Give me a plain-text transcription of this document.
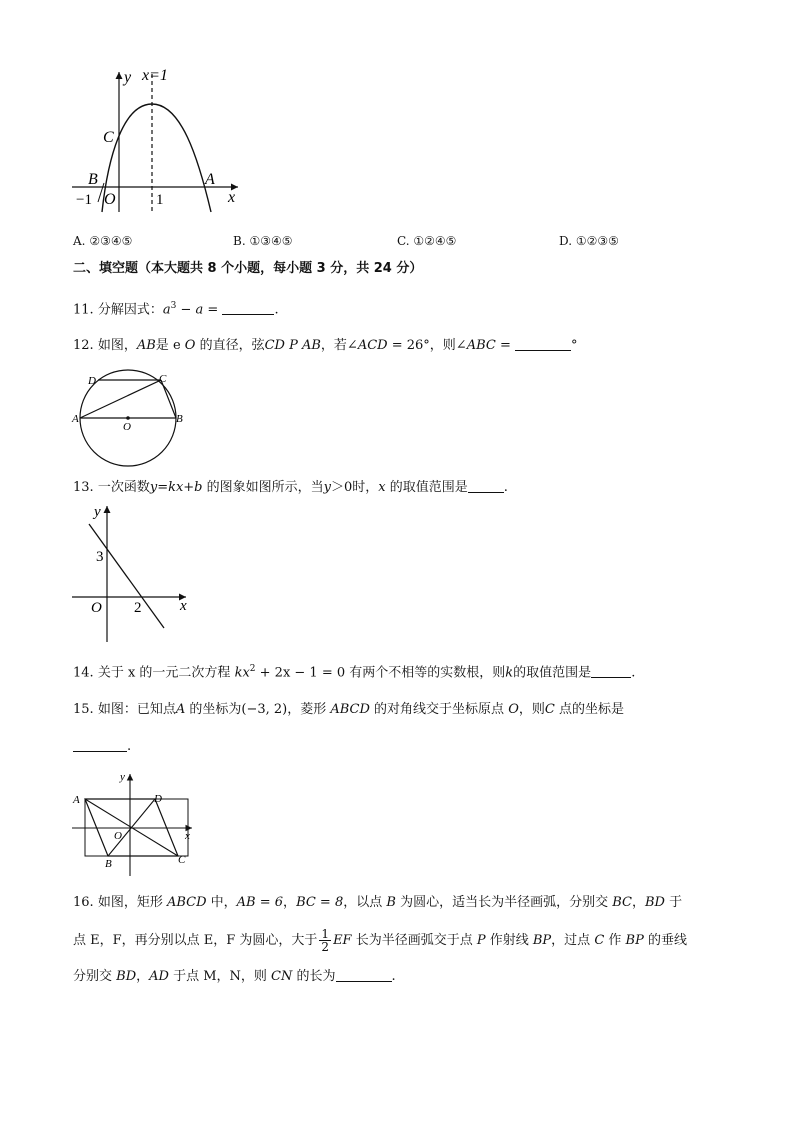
y x=1
C
B	A
−1 O	1	x
A. ②③④⑤	B. ①③④⑤	C. ①②④⑤	D. ①②③⑤
二、填空题（本大题共 8 个小题，每小题 3 分，共 24 分）
11. 分解因式：$a^3 - a$ =	.
12. 如图，AB是 e O 的直径，弦CD P AB，若∠ACD = 26°，则∠ABC =	°
D	C
A	B
O
13. 一次函数y=kx+b 的图象如图所示，当y＞0时，x 的取值范围是	.
y
3
O 2	x
14. 关于 x 的一元二次方程 $kx^2 + 2x - 1 = 0$ 有两个不相等的实数根，则k的取值范围是	.
15. 如图：已知点A 的坐标为(−3, 2)，菱形 ABCD 的对角线交于坐标原点 O，则C 点的坐标是
.
y
A	D
O	x
B	C
16. 如图，矩形 ABCD 中，AB = 6，BC = 8，以点 B 为圆心，适当长为半径画弧，分别交 BC，BD 于
点 E，F，再分别以点 E，F 为圆心，大于 $\frac{1}{2}$ EF 长为半径画弧交于点 P 作射线 BP，过点 C 作 BP 的垂线
分别交 BD，AD 于点 M，N，则 CN 的长为	.
